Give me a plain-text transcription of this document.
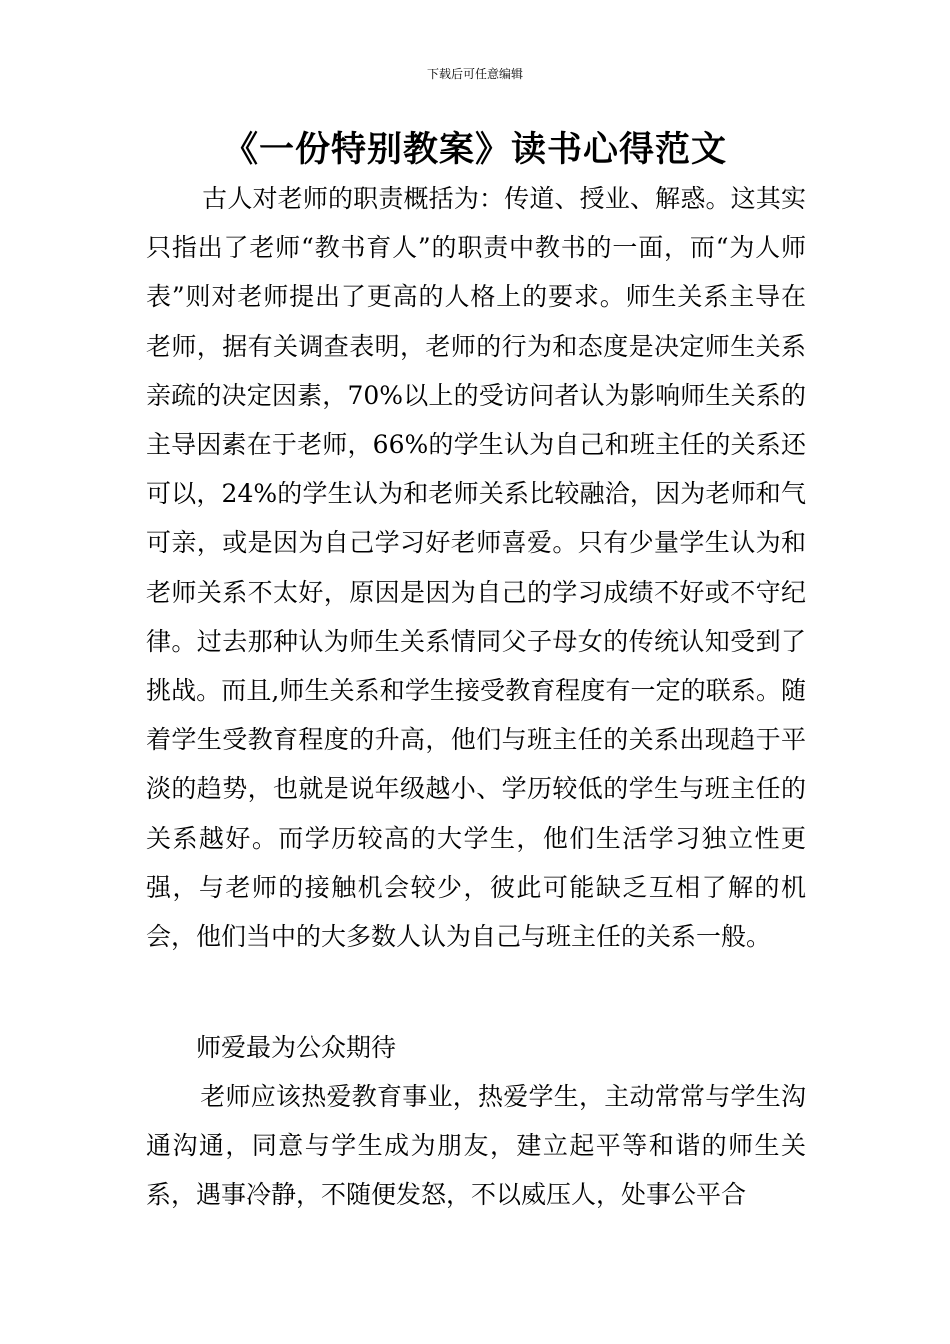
下载后可任意编辑
《一份特别教案》读书心得范文
古人对老师的职责概括为：传道、授业、解惑。这其实只指出了老师“教书育人”的职责中教书的一面，而“为人师表”则对老师提出了更高的人格上的要求。师生关系主导在老师，据有关调查表明，老师的行为和态度是决定师生关系亲疏的决定因素，70%以上的受访问者认为影响师生关系的主导因素在于老师，66%的学生认为自己和班主任的关系还可以，24%的学生认为和老师关系比较融洽，因为老师和气可亲，或是因为自己学习好老师喜爱。只有少量学生认为和老师关系不太好，原因是因为自己的学习成绩不好或不守纪律。过去那种认为师生关系情同父子母女的传统认知受到了挑战。而且,师生关系和学生接受教育程度有一定的联系。随着学生受教育程度的升高，他们与班主任的关系出现趋于平淡的趋势，也就是说年级越小、学历较低的学生与班主任的关系越好。而学历较高的大学生，他们生活学习独立性更强，与老师的接触机会较少，彼此可能缺乏互相了解的机会，他们当中的大多数人认为自己与班主任的关系一般。
师爱最为公众期待
老师应该热爱教育事业，热爱学生，主动常常与学生沟通沟通，同意与学生成为朋友，建立起平等和谐的师生关系，遇事冷静，不随便发怒，不以威压人，处事公平合
